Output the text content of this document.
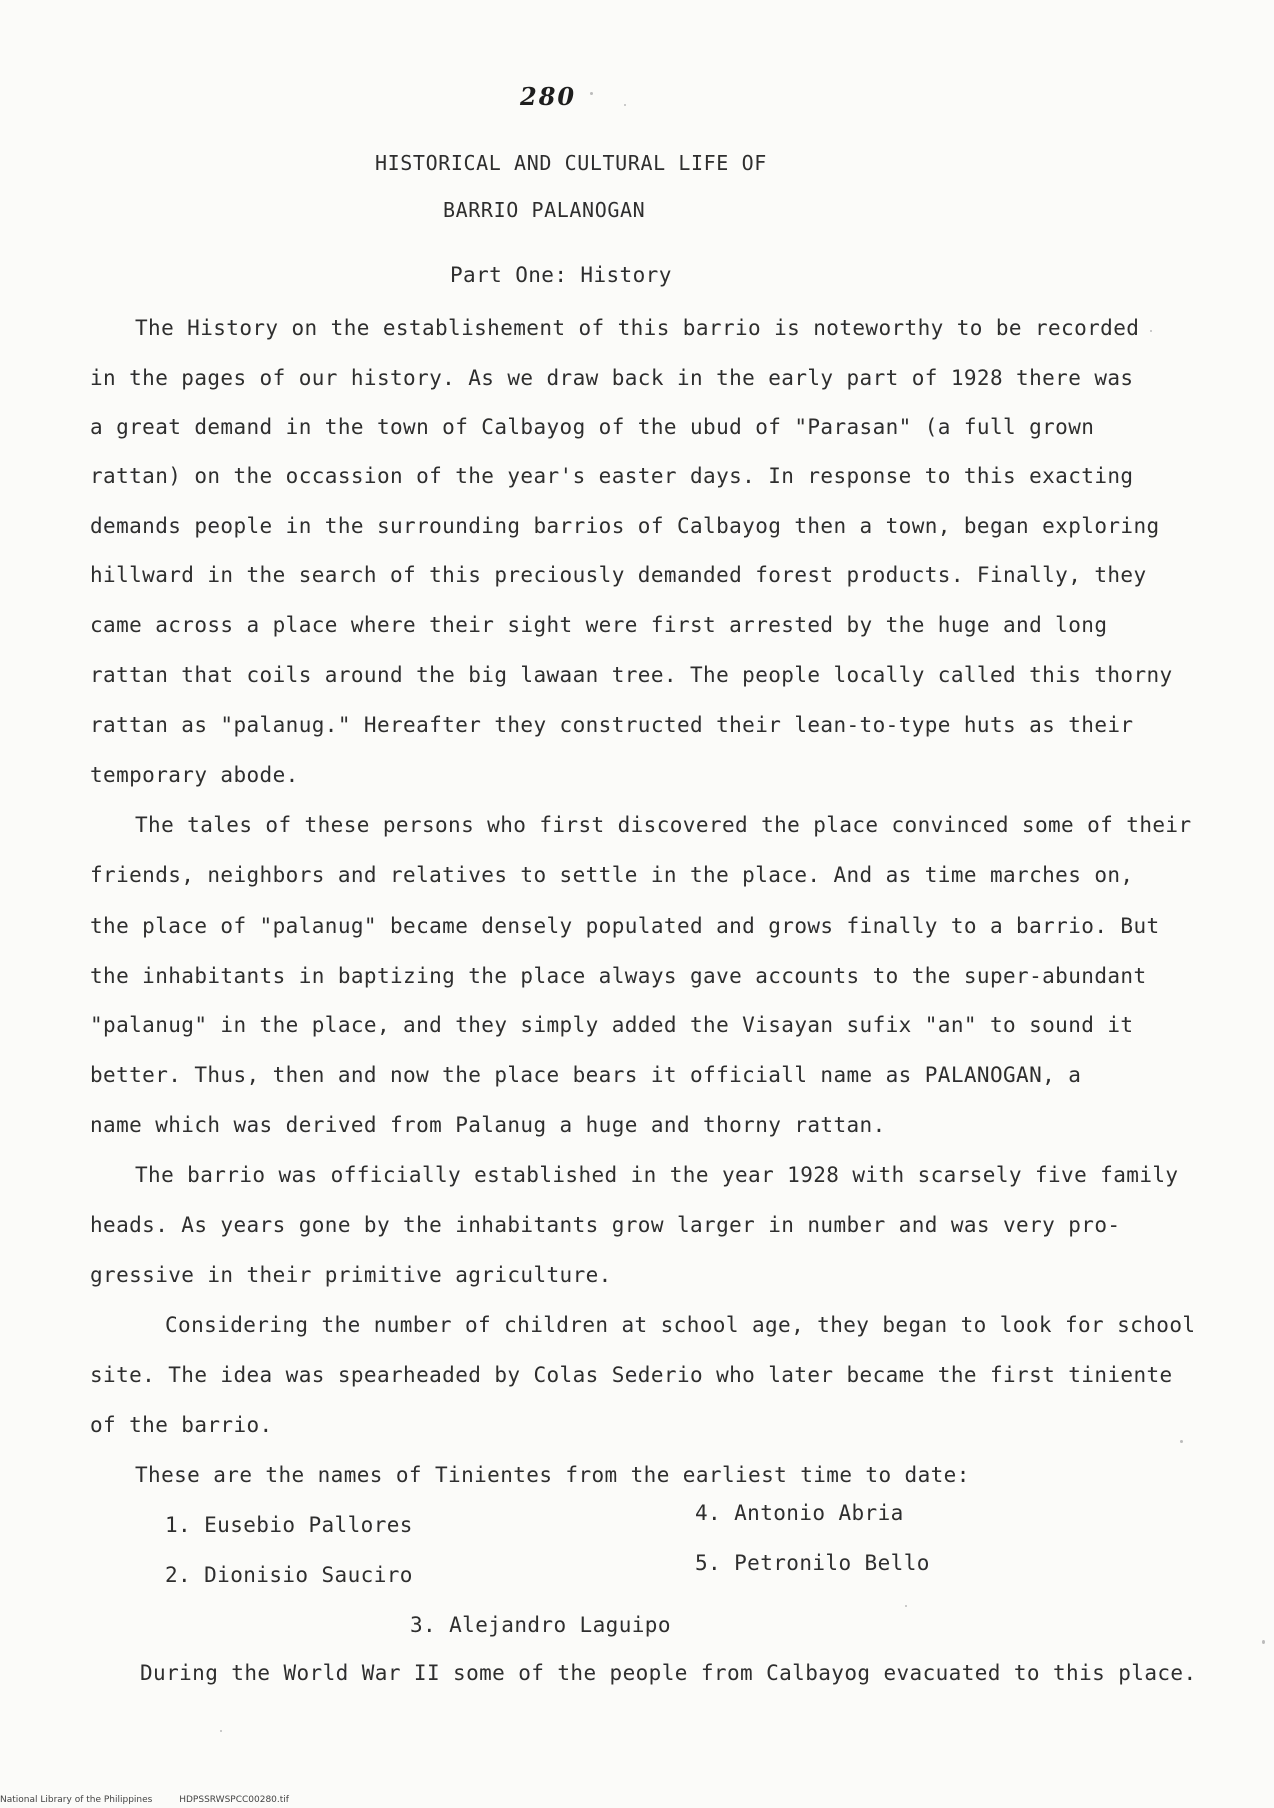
280
HISTORICAL AND CULTURAL LIFE OF
BARRIO PALANOGAN
Part One: History
The History on the establishement of this barrio is noteworthy to be recorded
in the pages of our history. As we draw back in the early part of 1928 there was
a great demand in the town of Calbayog of the ubud of "Parasan" (a full grown
rattan) on the occassion of the year's easter days. In response to this exacting
demands people in the surrounding barrios of Calbayog then a town, began exploring
hillward in the search of this preciously demanded forest products. Finally, they
came across a place where their sight were first arrested by the huge and long
rattan that coils around the big lawaan tree. The people locally called this thorny
rattan as "palanug." Hereafter they constructed their lean-to-type huts as their
temporary abode.
The tales of these persons who first discovered the place convinced some of their
friends, neighbors and relatives to settle in the place. And as time marches on,
the place of "palanug" became densely populated and grows finally to a barrio. But
the inhabitants in baptizing the place always gave accounts to the super-abundant
"palanug" in the place, and they simply added the Visayan sufix "an" to sound it
better. Thus, then and now the place bears it officiall name as PALANOGAN, a
name which was derived from Palanug a huge and thorny rattan.
The barrio was officially established in the year 1928 with scarsely five family
heads. As years gone by the inhabitants grow larger in number and was very pro-
gressive in their primitive agriculture.
Considering the number of children at school age, they began to look for school
site. The idea was spearheaded by Colas Sederio who later became the first tiniente
of the barrio.
These are the names of Tinientes from the earliest time to date:
1. Eusebio Pallores	4. Antonio Abria
2. Dionisio Sauciro	5. Petronilo Bello
3. Alejandro Laguipo
During the World War II some of the people from Calbayog evacuated to this place.
National Library of the Philippines	HDPSSRWSPCC00280.tif
